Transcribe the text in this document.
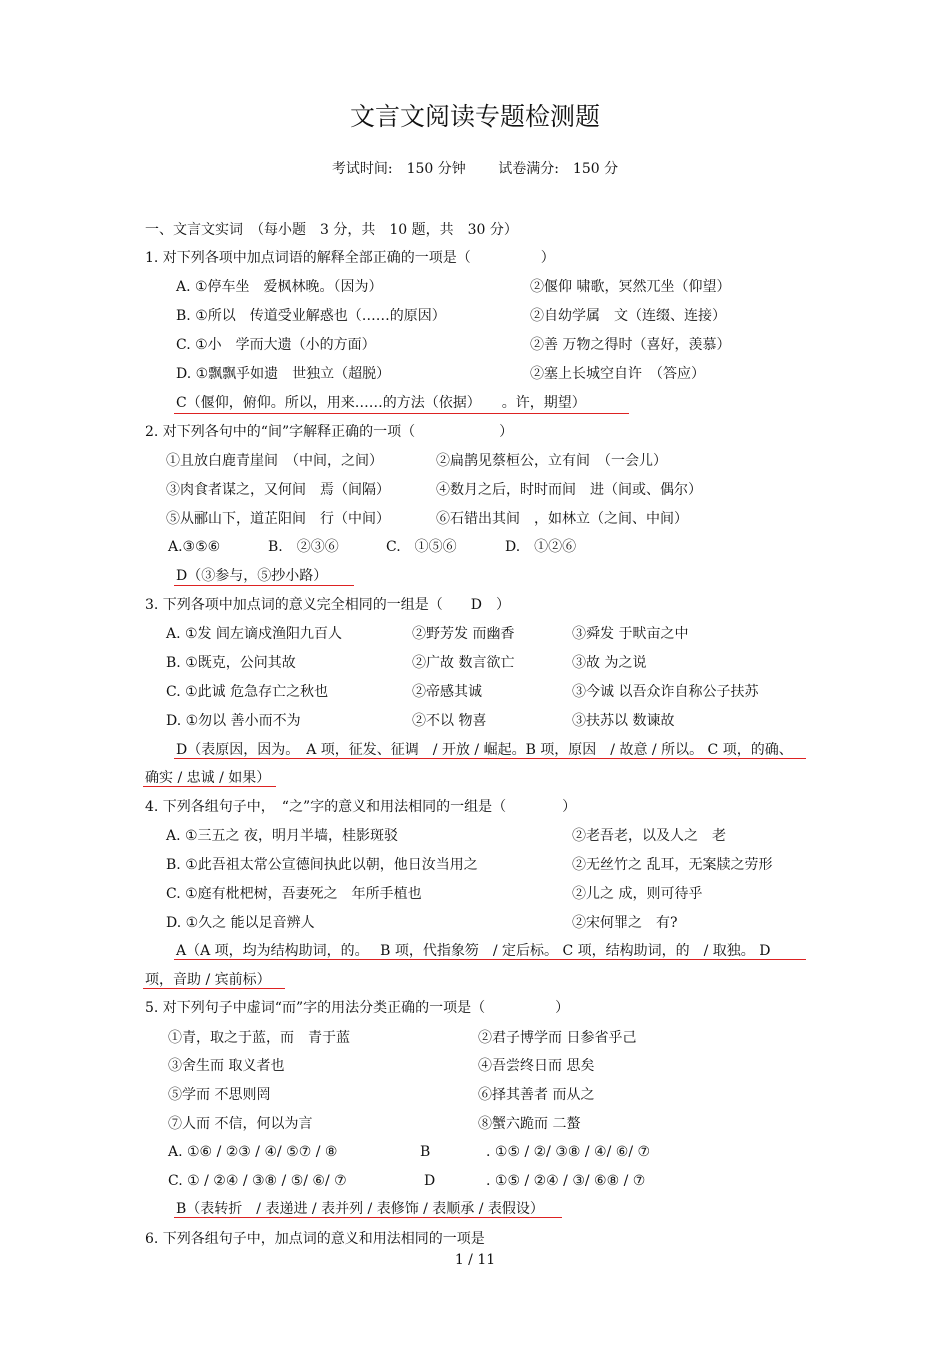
文言文阅读专题检测题
考试时间:　150 分钟 试卷满分:　150 分
一、文言文实词　（每小题　3 分，共　10 题，共　30 分）
1. 对下列各项中加点词语的解释全部正确的一项是（　　　　　）
A. ①停车坐　爱枫林晚。（因为）	②偃仰 啸歌，冥然兀坐（仰望）
B. ①所以　传道受业解惑也（……的原因）	②自幼学属　文（连缀、连接）
C. ①小　学而大遗（小的方面）	②善 万物之得时（喜好，羡慕）
D. ①飘飘乎如遗　世独立（超脱）	②塞上长城空自许　（答应）
C（偃仰，俯仰。所以，用来……的方法（依据）　　。许，期望）
2. 对下列各句中的“间”字解释正确的一项（　　　　　　）
①且放白鹿青崖间　（中间，之间）	②扁鹊见蔡桓公，立有间　（一会儿）
③肉食者谋之，又何间　焉（间隔）	④数月之后，时时而间　进（间或、偶尔）
⑤从郦山下，道芷阳间　行（中间）	⑥石错出其间　，如林立（之间、中间）
A.③⑤⑥	B.　②③⑥	C.　①⑤⑥	D.　①②⑥
D（③参与，⑤抄小路）
3. 下列各项中加点词的意义完全相同的一组是（　　D　）
A. ①发 闾左谪戍渔阳九百人	②野芳发 而幽香	③舜发 于畎亩之中
B. ①既克，公问其故	②广故 数言欲亡	③故 为之说
C. ①此诚 危急存亡之秋也	②帝感其诚	③今诚 以吾众诈自称公子扶苏
D. ①勿以 善小而不为	②不以 物喜	③扶苏以 数谏故
D（表原因，因为。　A 项，征发、征调　/ 开放 / 崛起。B 项，原因　/ 故意 / 所以。 C 项，的确、
确实 / 忠诚 / 如果）
4. 下列各组句子中，　“之”字的意义和用法相同的一组是（　　　　）
A. ①三五之 夜，明月半墙，桂影斑驳	②老吾老，以及人之　老
B. ①此吾祖太常公宣德间执此以朝，他日汝当用之	②无丝竹之 乱耳，无案牍之劳形
C. ①庭有枇杷树，吾妻死之　年所手植也	②儿之 成，则可待乎
D. ①久之 能以足音辨人	②宋何罪之　有?
A（A 项，均为结构助词，的。　 B 项，代指象笏　/ 定后标。 C 项，结构助词，的　/ 取独。 D
项，音助 / 宾前标）
5. 对下列句子中虚词“而”字的用法分类正确的一项是（　　　　　）
①青，取之于蓝，而　青于蓝	②君子博学而 日参省乎己
③舍生而 取义者也	④吾尝终日而 思矣
⑤学而 不思则罔	⑥择其善者 而从之
⑦人而 不信，何以为言	⑧蟹六跪而 二螯
A. ①⑥ / ②③ / ④/ ⑤⑦ / ⑧	B	. ①⑤ / ②/ ③⑧ / ④/ ⑥/ ⑦
C. ① / ②④ / ③⑧ / ⑤/ ⑥/ ⑦	D	. ①⑤ / ②④ / ③/ ⑥⑧ / ⑦
B（表转折　/ 表递进 / 表并列 / 表修饰 / 表顺承 / 表假设）
6. 下列各组句子中，加点词的意义和用法相同的一项是
1 / 11
